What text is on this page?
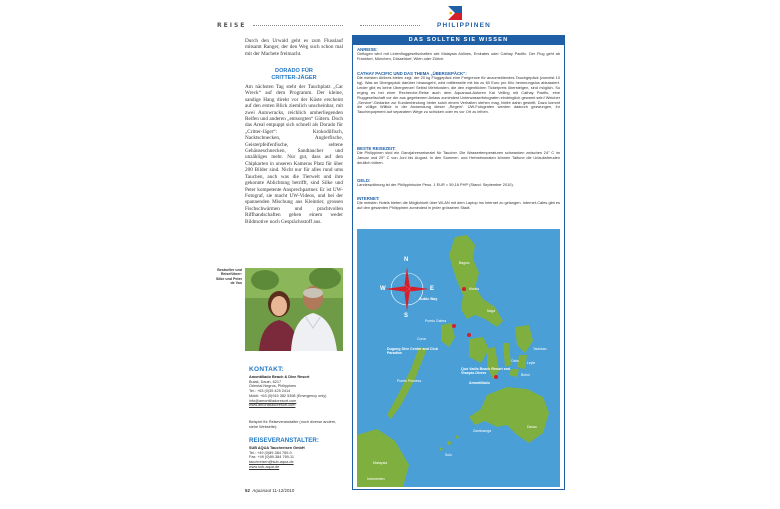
REISE	PHILIPPINEN
Durch den Urwald geht es zum Flusslauf mitsamt Ranger, der den Weg such schon mal mit der Machete freimacht.
DORADO FÜR
CRITTER-JÄGER
Am nächsten Tag steht der Tauchplatz „Car Wreck“ auf dem Programm. Der kleine, sandige Hang direkt vor der Küste erscheint auf den ersten Blick ziemlich unscheinbar, mit zwei Autowracks, reichlich umherliegenden Reifen und anderen „entsorgten“ Gütern. Doch das Areal entpuppt sich schnell als Dorado für „Critter-Jäger“: Krokodilfisch, Nacktschnecken, Anglerfische, Geisterpfeifenfische, seltene Gehäuseschnecken, Sandtaucher und unzähliges mehr. Nur gut, dass auf den Chipkarten in unseren Kameras Platz für über 200 Bilder sind. Nicht nur für alles rund ums Tauchen, auch was die Tierwelt und ihre gekonnte Ablichtung betrifft, sind Silke und Peter kompetente Ansprechpartner. Er ist UW-Fotograf, sie macht UW-Videos, und bei der spannenden Mischung aus Kleintier, grossen Fischschwärmen und prachtvollen Riffhandschaften gehen einem weder Bildmotive noch Gesprächsstoff aus.
Bestseller und Reiseführer: Silke und Peter de Vos
KONTAKT:
Amontillado Beach & Dive Resort
Bulak, Dauin, 6217
Oriental Negros, Philippines
Tel.: +63 (0)35 425 2414
Mobil: +63 (0)915 382 5398 (Emergency only)
info@amontilladoresort.com
www.amontilladoresort.com
Beispiel für Reiseveranstalter (noch diverse andere, siehe Webseite):
REISEVERANSTALTER:
SUB AQUA Tauchreisen GmbH
Tel.: +49 (0)89-384 769-0
Fax: +49 (0)89-384 769-11
tauchreisen@sub-aqua.de
www.sub-aqua.de
52 Aquanaut 11-12/2010
DAS SOLLTEN SIE WISSEN
ANREISE:
Geflogen wird mit Linienfluggesellschaften wie Malaysia Airlines, Emirates oder Cathay Pacific. Der Flug geht ab Frankfurt, München, Düsseldorf, Wien oder Zürich.
CATHAY PACIFIC UND DAS THEMA „ÜBERGEPÄCK“:
Die meisten Airlines bieten zzgl. der 20 kg Fluggepäck eine Freigrenze für anzumeldendes Tauchgepäck (zumeist 10 kg). Was an Übergepäck darüber hinausgeht, wird mittlerweile mit bis zu 60 Euro pro Kilo hemmungslos abkassiert. Leider gibt es keine Übergrenze! Selbst Mehrkosten, die den eigentlichen Ticketpreis übersteigen, sind möglich. So erging es bei einer Recherche-Reise auch dem Aquanaut-Autoren Kai Velling mit Cathay Pacific, eine Fluggesellschaft vor der aus gegebenem Anlass zumindest Unterwasserfotografen eindringlich gewarnt sein! Weicher „Service“-Gedanke zur Kundenbindung hinter solch einem Verhalten stehen mag, bleibt dahin gestellt. Dazu kommt die völlige Willkür in der Anwendung dieser „Regeln“. UW-Fotografen werden dadurch gezwungen, ihr Tauchequipment auf separatem Wege zu schicken oder es vor Ort zu leihen.
BESTE REISEZEIT:
Die Philippinen sind ein Ganzjahresreiseziel für Taucher. Die Wassertemperaturen schwanken zwischen 24° C im Januar und 29° C von Juni bis August. In den Sommer- und Herbstmonaten können Taifune die Urlaubsfreuden deutlich trüben.
GELD:
Landeswährung ist der Philippinische Peso. 1 EUR = 59,16 PHP (Stand: September 2010).
INTERNET:
Die meisten Hotels bieten die Möglichkeit über WLAN mit dem Laptop ins Internet zu gelangen. Internet-Cafes gibt es auf den gesamten Philippinen zumindest in jeder grösseren Stadt.
N
S
W	E
Baguio
Manila
Naga
Subic Bay
Puerto Galera
Coron
Dugong Dive Center and Club Paradise
Quo Vadis Beach Resort and Visayas Divers
Amontillado
Puerto Princesa
Cebu
Bohol
Tacloban
Davao
Zamboanga
Malaysia
Indonesien
Sulu
Leyte
